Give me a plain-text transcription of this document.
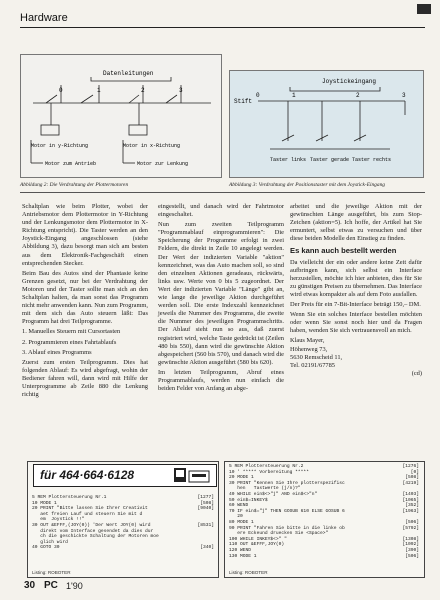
Hardware
Datenleitungen
0	1	2	3
Motor in y-Richtung	Motor in x-Richtung
Motor zum Antrieb	Motor zur Lenkung
Abbildung 2: Die Verdrahtung der Plottermotoren
Joystickeingang
Stift
0	1	2	3
Taster links Taster gerade Taster rechts
Abbildung 3: Verdrahtung der Positionstaster mit dem Joystick-Eingang

Schaltplan wie beim Plotter, wobei der Antriebsmotor dem Plottermotor in Y-Richtung und der Lenkungsmotor dem Plottermotor in X-Richtung entspricht). Die Taster werden an den Joystick-Eingang angeschlossen (siehe Abbildung 3), dazu besorgt man sich am besten aus dem Elektronik-Fachgeschäft einen entsprechenden Stecker.

Beim Bau des Autos sind der Phantasie keine Grenzen gesetzt, nur bei der Verdrahtung der Motoren und der Taster sollte man sich an den Schaltplan halten, da man sonst das Programm nicht mehr anwenden kann. Nun zum Programm, mit dem sich das Auto steuern läßt: Das Programm hat drei Teilprogramme.

1. Manuelles Steuern mit Cursortasten

2. Programmieren eines Fahrtablaufs

3. Ablauf eines Programms

Zuerst zum ersten Teilprogramm. Dies hat folgenden Ablauf: Es wird abgefragt, wohin der Bediener fahren will, dann wird mit Hilfe der Unterprogramme ab Zeile 880 die Lenkung richtig

eingestellt, und danach wird der Fahrtmotor eingeschaltet.

Nun zum zweiten Teilprogramm "Programmablauf einprogrammieren": Die Speicherung der Programme erfolgt in zwei Feldern, die direkt in Zeile 10 angelegt werden. Der Wert der indizierten Variable "aktion" kennzeichnet, was das Auto machen soll, so sind den einzelnen Aktionen geradeaus, rückwärts, links usw. Werte von 0 bis 5 zugeordnet. Der Wert der indizierten Variable "Länge" gibt an, wie lange die jeweilige Aktion durchgeführt werden soll. Die erste Indexzahl kennzeichnet jeweils die Nummer des Programms, die zweite die Nummer des jeweiligen Programmschritts. Der Ablauf sieht nun so aus, daß zuerst registriert wird, welche Taste gedrückt ist (Zeilen 480 bis 550), dann wird die gewünschte Aktion abgespeichert (560 bis 570), und danach wird die gewünschte Aktion ausgeführt (580 bis 620).

Im letzten Teilprogramm, Abruf eines Programmablaufs, werden nun einfach die beiden Felder von Anfang an abge-

arbeitet und die jeweilige Aktion mit der gewünschten Länge ausgeführt, bis zum Stop-Zeichen (aktion=5). Ich hoffe, der Artikel hat Sie ermuntert, selbst etwas zu versuchen und über diese beiden Modelle den Einstieg zu finden.

Es kann auch bestellt werden

Da vielleicht der ein oder andere keine Zeit dafür aufbringen kann, sich selbst ein Interface herzustellen, möchte ich hier anbieten, dies für Sie zu günstigen Preisen zu übernehmen. Das Interface wird etwas kompakter als auf dem Foto ausfallen.

Der Preis für ein 7-Bit-Interface beträgt 150,– DM.

Wenn Sie ein solches Interface bestellen möchten oder wenn Sie sonst noch hier und da Fragen haben, wenden Sie sich vertrauensvoll an mich.

Klaus Mayer,
Höhenweg 73,
5630 Remscheid 11,
Tel. 02191/67785
(cd)
für 464·664·6128
5 REM Plottersteuerung Nr.1	[1277]
10 MODE 1	[508]
20 PRINT "Bitte lassen Sie Ihrer Creativit	[9040]
aet freien Lauf und steuern Sie mit d
em  Joystick !!"
30 OUT &EFFF,(JOY(0)) 'Der Wert JOY(0) wird	[8531]
direkt vom Interface gesendet da dies dur
ch die geschickte Schaltung der Motoren moe
glich wird
40 GOTO 30	[340]
Listing: ROBOTER
5 REM Plottersteuerung Nr.2	[1276]
10 ' ***** Vorbereitung *****	[0]
20 MODE 1	[508]
30 PRINT "Kennen Sie Ihre plotterspezifisc	[4219]
hen   Tastwerte (j/n)?"
40 WHILE ein$<>"j" AND ein$<>"n"	[1403]
50 ein$=INKEY$	[1065]
60 WEND	[352]
70 IF ein$="j" THEN GOSUB 610 ELSE GOSUB 6	[1963]
20
80 MODE 1	[506]
90 PRINT "Fahren Sie bitte in die linke ob	[5792]
ere Eckeund druecken Sie <Space>"
100 WHILE INKEY$<>" "	[1308]
110 OUT &EFFF,JOY(0)	[1092]
120 WEND	[390]
130 MODE 1	[506]
Listing: ROBOTER
30 PC 1'90
